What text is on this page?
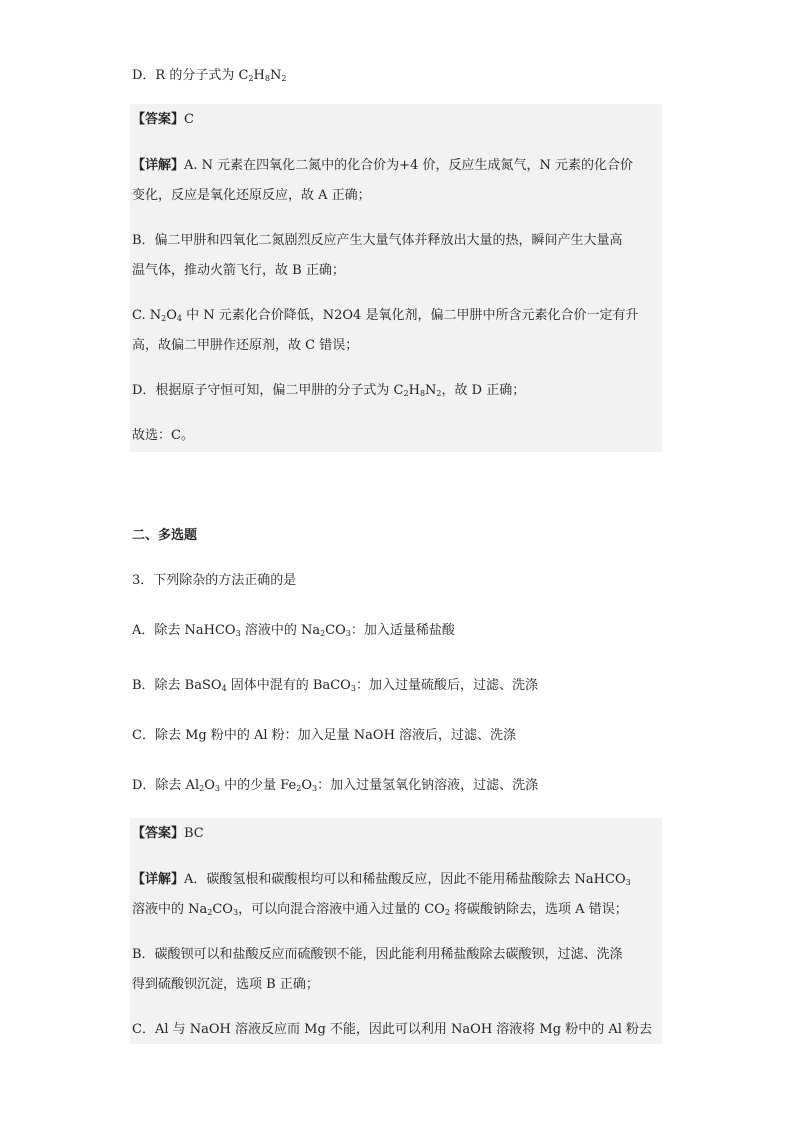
D．R 的分子式为 $C_2H_8N_2$
【答案】C
【详解】A. N 元素在四氧化二氮中的化合价为+4 价，反应生成氮气，N 元素的化合价
变化，反应是氧化还原反应，故 A 正确；
B．偏二甲肼和四氧化二氮剧烈反应产生大量气体并释放出大量的热，瞬间产生大量高
温气体，推动火箭飞行，故 B 正确；
C. $N_2O_4$ 中 N 元素化合价降低，N2O4 是氧化剂，偏二甲肼中所含元素化合价一定有升
高，故偏二甲肼作还原剂，故 C 错误；
D．根据原子守恒可知，偏二甲肼的分子式为 $C_2H_8N_2$，故 D 正确；
故选：C。
二、多选题
3．下列除杂的方法正确的是
A．除去 NaHCO$_3$ 溶液中的 $Na_2CO_3$：加入适量稀盐酸
B．除去 BaSO$_4$ 固体中混有的 BaCO$_3$：加入过量硫酸后，过滤、洗涤
C．除去 Mg 粉中的 Al 粉：加入足量 NaOH 溶液后，过滤、洗涤
D．除去 $Al_2O_3$ 中的少量 $Fe_2O_3$：加入过量氢氧化钠溶液，过滤、洗涤
【答案】BC
【详解】A．碳酸氢根和碳酸根均可以和稀盐酸反应，因此不能用稀盐酸除去 NaHCO$_3$
溶液中的 $Na_2CO_3$，可以向混合溶液中通入过量的 $CO_2$ 将碳酸钠除去，选项 A 错误；
B．碳酸钡可以和盐酸反应而硫酸钡不能，因此能利用稀盐酸除去碳酸钡，过滤、洗涤
得到硫酸钡沉淀，选项 B 正确；
C．Al 与 NaOH 溶液反应而 Mg 不能，因此可以利用 NaOH 溶液将 Mg 粉中的 Al 粉去
